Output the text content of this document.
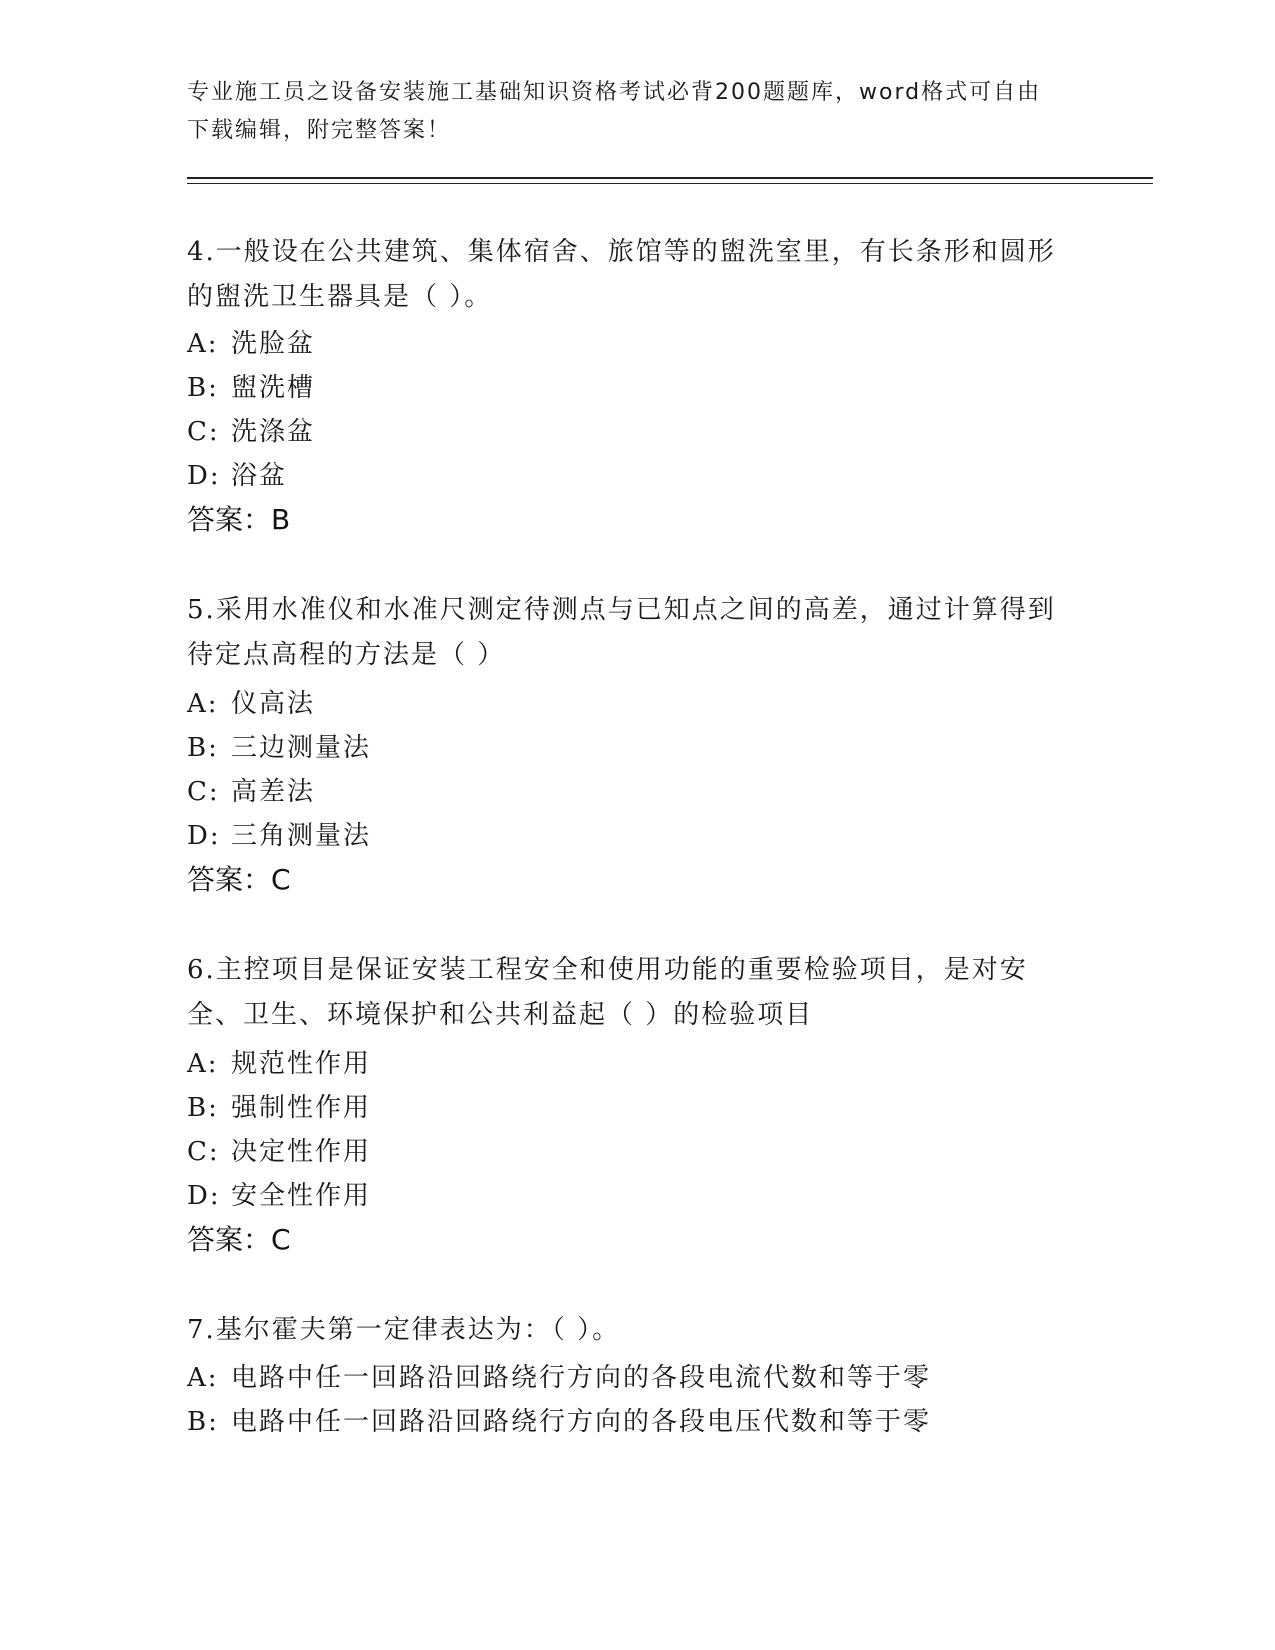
专业施工员之设备安装施工基础知识资格考试必背200题题库，word格式可自由
下载编辑，附完整答案！
4.一般设在公共建筑、集体宿舍、旅馆等的盥洗室里，有长条形和圆形的盥洗卫生器具是（ ）。
A: 洗脸盆
B: 盥洗槽
C: 洗涤盆
D: 浴盆
答案：B
5.采用水准仪和水准尺测定待测点与已知点之间的高差，通过计算得到待定点高程的方法是（ ）
A: 仪高法
B: 三边测量法
C: 高差法
D: 三角测量法
答案：C
6.主控项目是保证安装工程安全和使用功能的重要检验项目，是对安全、卫生、环境保护和公共利益起（ ）的检验项目
A: 规范性作用
B: 强制性作用
C: 决定性作用
D: 安全性作用
答案：C
7.基尔霍夫第一定律表达为：（ ）。
A: 电路中任一回路沿回路绕行方向的各段电流代数和等于零
B: 电路中任一回路沿回路绕行方向的各段电压代数和等于零
